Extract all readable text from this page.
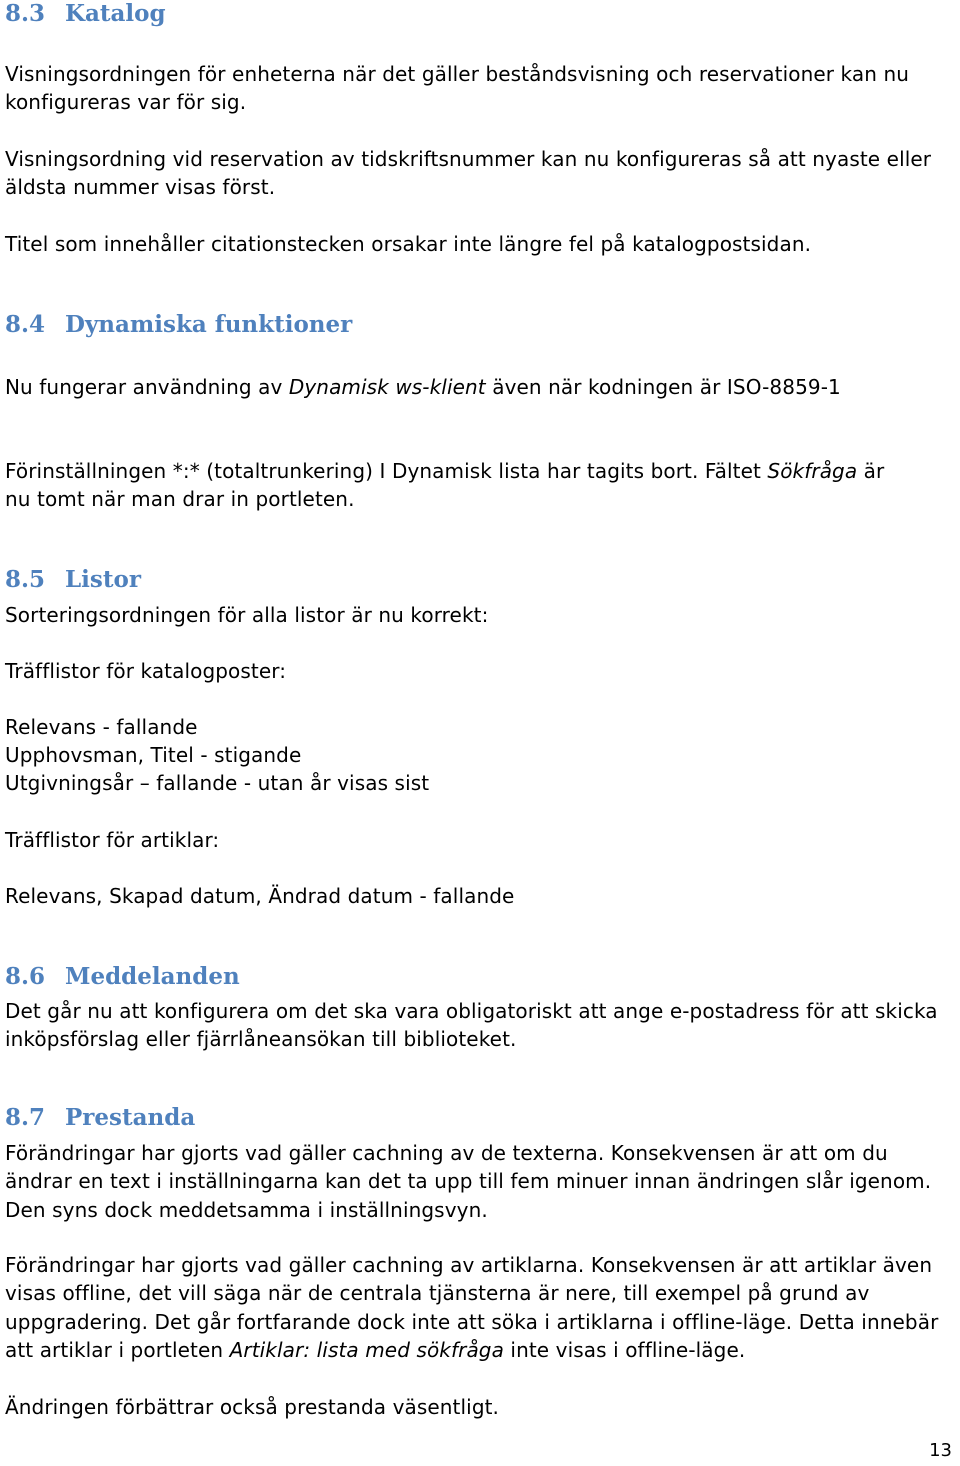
8.3 Katalog

Visningsordningen för enheterna när det gäller beståndsvisning och reservationer kan nu konfigureras var för sig.

Visningsordning vid reservation av tidskriftsnummer kan nu konfigureras så att nyaste eller äldsta nummer visas först.

Titel som innehåller citationstecken orsakar inte längre fel på katalogpostsidan.

8.4 Dynamiska funktioner

Nu fungerar användning av Dynamisk ws-klient även när kodningen är ISO-8859-1

Förinställningen *:* (totaltrunkering) I Dynamisk lista har tagits bort. Fältet Sökfråga är nu tomt när man drar in portleten.

8.5 Listor

Sorteringsordningen för alla listor är nu korrekt:

Träfflistor för katalogposter:

Relevans - fallande

Upphovsman, Titel - stigande

Utgivningsår – fallande - utan år visas sist

Träfflistor för artiklar:

Relevans, Skapad datum, Ändrad datum - fallande

8.6 Meddelanden

Det går nu att konfigurera om det ska vara obligatoriskt att ange e-postadress för att skicka inköpsförslag eller fjärrlåneansökan till biblioteket.

8.7 Prestanda

Förändringar har gjorts vad gäller cachning av de texterna. Konsekvensen är att om du ändrar en text i inställningarna kan det ta upp till fem minuer innan ändringen slår igenom. Den syns dock meddetsamma i inställningsvyn.

Förändringar har gjorts vad gäller cachning av artiklarna. Konsekvensen är att artiklar även visas offline, det vill säga när de centrala tjänsterna är nere, till exempel på grund av uppgradering. Det går fortfarande dock inte att söka i artiklarna i offline-läge. Detta innebär att artiklar i portleten Artiklar: lista med sökfråga inte visas i offline-läge.

Ändringen förbättrar också prestanda väsentligt.

13
